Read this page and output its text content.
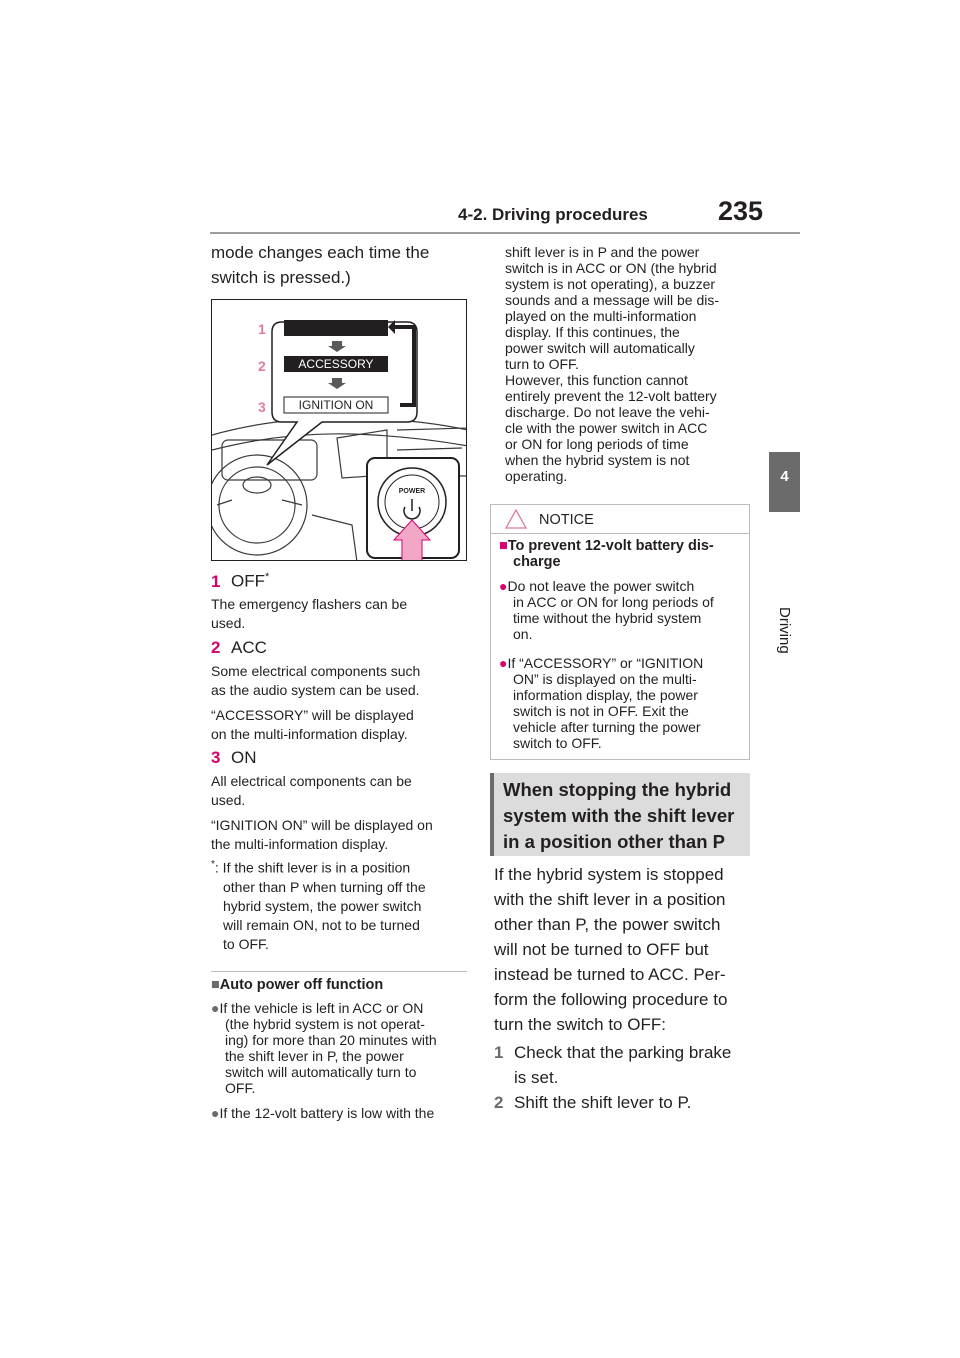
4-2. Driving procedures	235
4
Driving
mode changes each time the
switch is pressed.)
1
2
3
ACCESSORY
IGNITION ON
POWER
1 OFF*
The emergency flashers can be
used.
2 ACC
Some electrical components such
as the audio system can be used.
“ACCESSORY” will be displayed
on the multi-information display.
3 ON
All electrical components can be
used.
“IGNITION ON” will be displayed on
the multi-information display.
*: If the shift lever is in a position
other than P when turning off the
hybrid system, the power switch
will remain ON, not to be turned
to OFF.
■Auto power off function
●If the vehicle is left in ACC or ON
(the hybrid system is not operat-
ing) for more than 20 minutes with
the shift lever in P, the power
switch will automatically turn to
OFF.
●If the 12-volt battery is low with the
shift lever is in P and the power
switch is in ACC or ON (the hybrid
system is not operating), a buzzer
sounds and a message will be dis-
played on the multi-information
display. If this continues, the
power switch will automatically
turn to OFF.
However, this function cannot
entirely prevent the 12-volt battery
discharge. Do not leave the vehi-
cle with the power switch in ACC
or ON for long periods of time
when the hybrid system is not
operating.
NOTICE
■To prevent 12-volt battery dis-
charge
●Do not leave the power switch
in ACC or ON for long periods of
time without the hybrid system
on.
●If “ACCESSORY” or “IGNITION
ON” is displayed on the multi-
information display, the power
switch is not in OFF. Exit the
vehicle after turning the power
switch to OFF.
When stopping the hybrid
system with the shift lever
in a position other than P
If the hybrid system is stopped
with the shift lever in a position
other than P, the power switch
will not be turned to OFF but
instead be turned to ACC. Per-
form the following procedure to
turn the switch to OFF:
1 Check that the parking brake
is set.
2 Shift the shift lever to P.
